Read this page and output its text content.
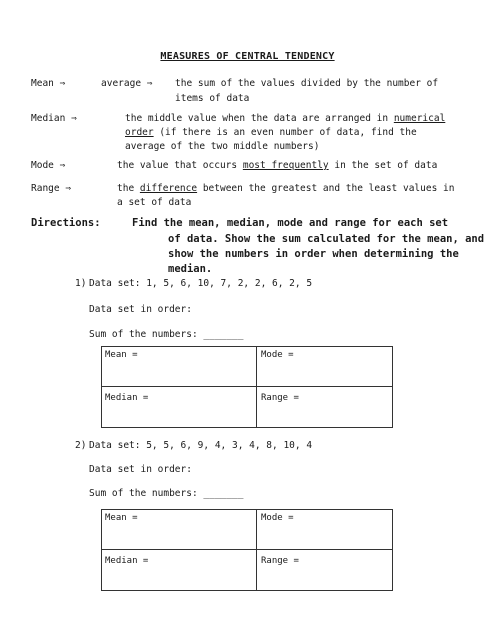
MEASURES OF CENTRAL TENDENCY
Mean ⇒	average ⇒ the sum of the values divided by the number of
items of data
Median ⇒	the middle value when the data are arranged in numerical
order (if there is an even number of data, find the
average of the two middle numbers)
Mode ⇒	the value that occurs most frequently in the set of data
Range ⇒	the difference between the greatest and the least values in
a set of data
Directions:	Find the mean, median, mode and range for each set
of data. Show the sum calculated for the mean, and
show the numbers in order when determining the
median.
1) Data set: 1, 5, 6, 10, 7, 2, 2, 6, 2, 5
Data set in order:
Sum of the numbers: _______
Mean =	Mode =
Median =	Range =
2) Data set: 5, 5, 6, 9, 4, 3, 4, 8, 10, 4
Data set in order:
Sum of the numbers: _______
Mean =	Mode =
Median =	Range =
